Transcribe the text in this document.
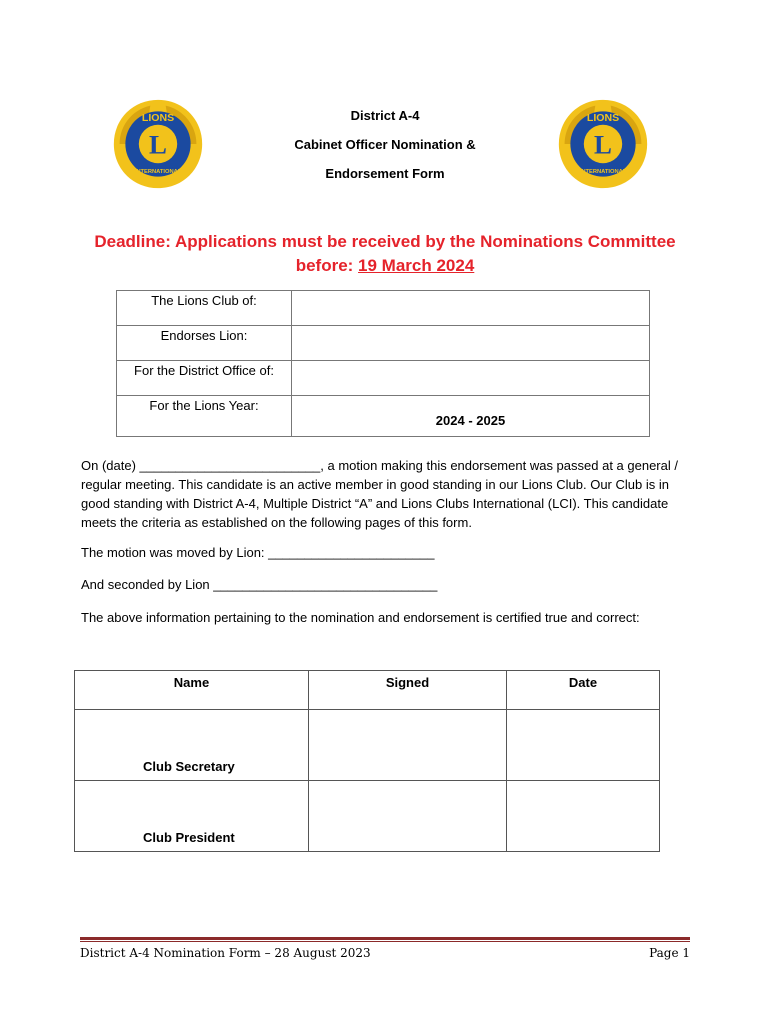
L
LIONS
INTERNATIONAL
L
LIONS
INTERNATIONAL
District A-4
Cabinet Officer Nomination &
Endorsement Form
Deadline: Applications must be received by the Nominations Committee
before: 19 March 2024
The Lions Club of:	
Endorses Lion:	
For the District Office of:	
For the Lions Year:	2024 - 2025
On (date) _________________________, a motion making this endorsement was passed at a general / regular meeting. This candidate is an active member in good standing in our Lions Club. Our Club is in good standing with District A-4, Multiple District “A” and Lions Clubs International (LCI). This candidate meets the criteria as established on the following pages of this form.
The motion was moved by Lion: _______________________
And seconded by Lion _______________________________
The above information pertaining to the nomination and endorsement is certified true and correct:
Name	Signed	Date
Club Secretary		
Club President		
District A-4 Nomination Form – 28 August 2023	Page 1
